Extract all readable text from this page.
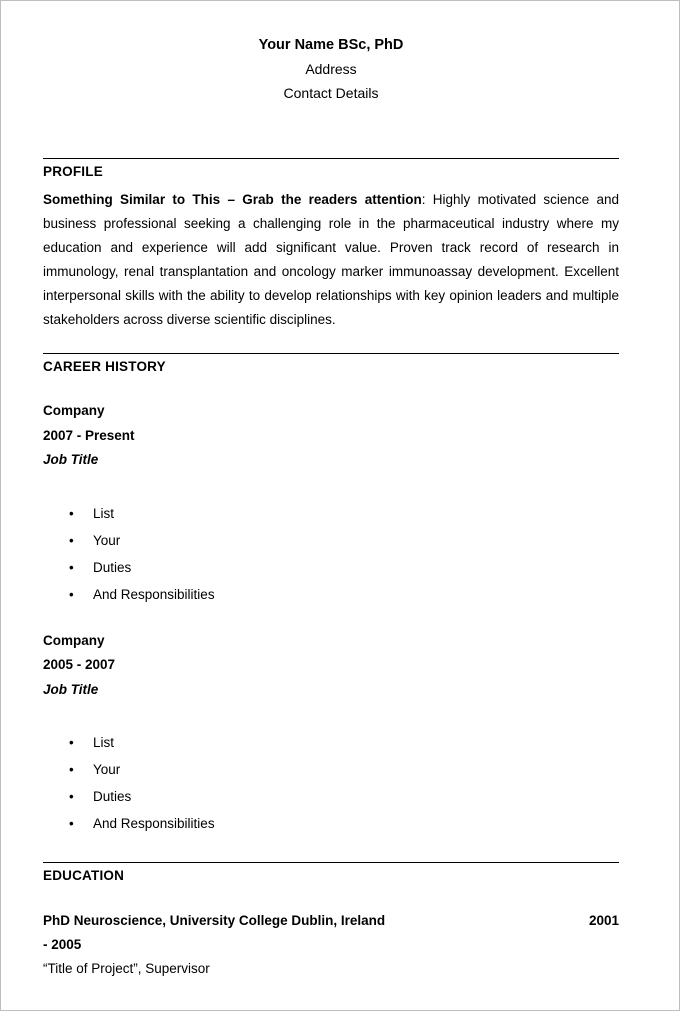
Your Name BSc, PhD
Address
Contact Details
PROFILE

Something Similar to This – Grab the readers attention: Highly motivated science and business professional seeking a challenging role in the pharmaceutical industry where my education and experience will add significant value. Proven track record of research in immunology, renal transplantation and oncology marker immunoassay development. Excellent interpersonal skills with the ability to develop relationships with key opinion leaders and multiple stakeholders across diverse scientific disciplines.

CAREER HISTORY
Company
2007 - Present
Job Title
•	List
•	Your
•	Duties
•	And Responsibilities
Company
2005 - 2007
Job Title
•	List
•	Your
•	Duties
•	And Responsibilities
EDUCATION
PhD Neuroscience, University College Dublin, Ireland	2001
- 2005
“Title of Project”, Supervisor
